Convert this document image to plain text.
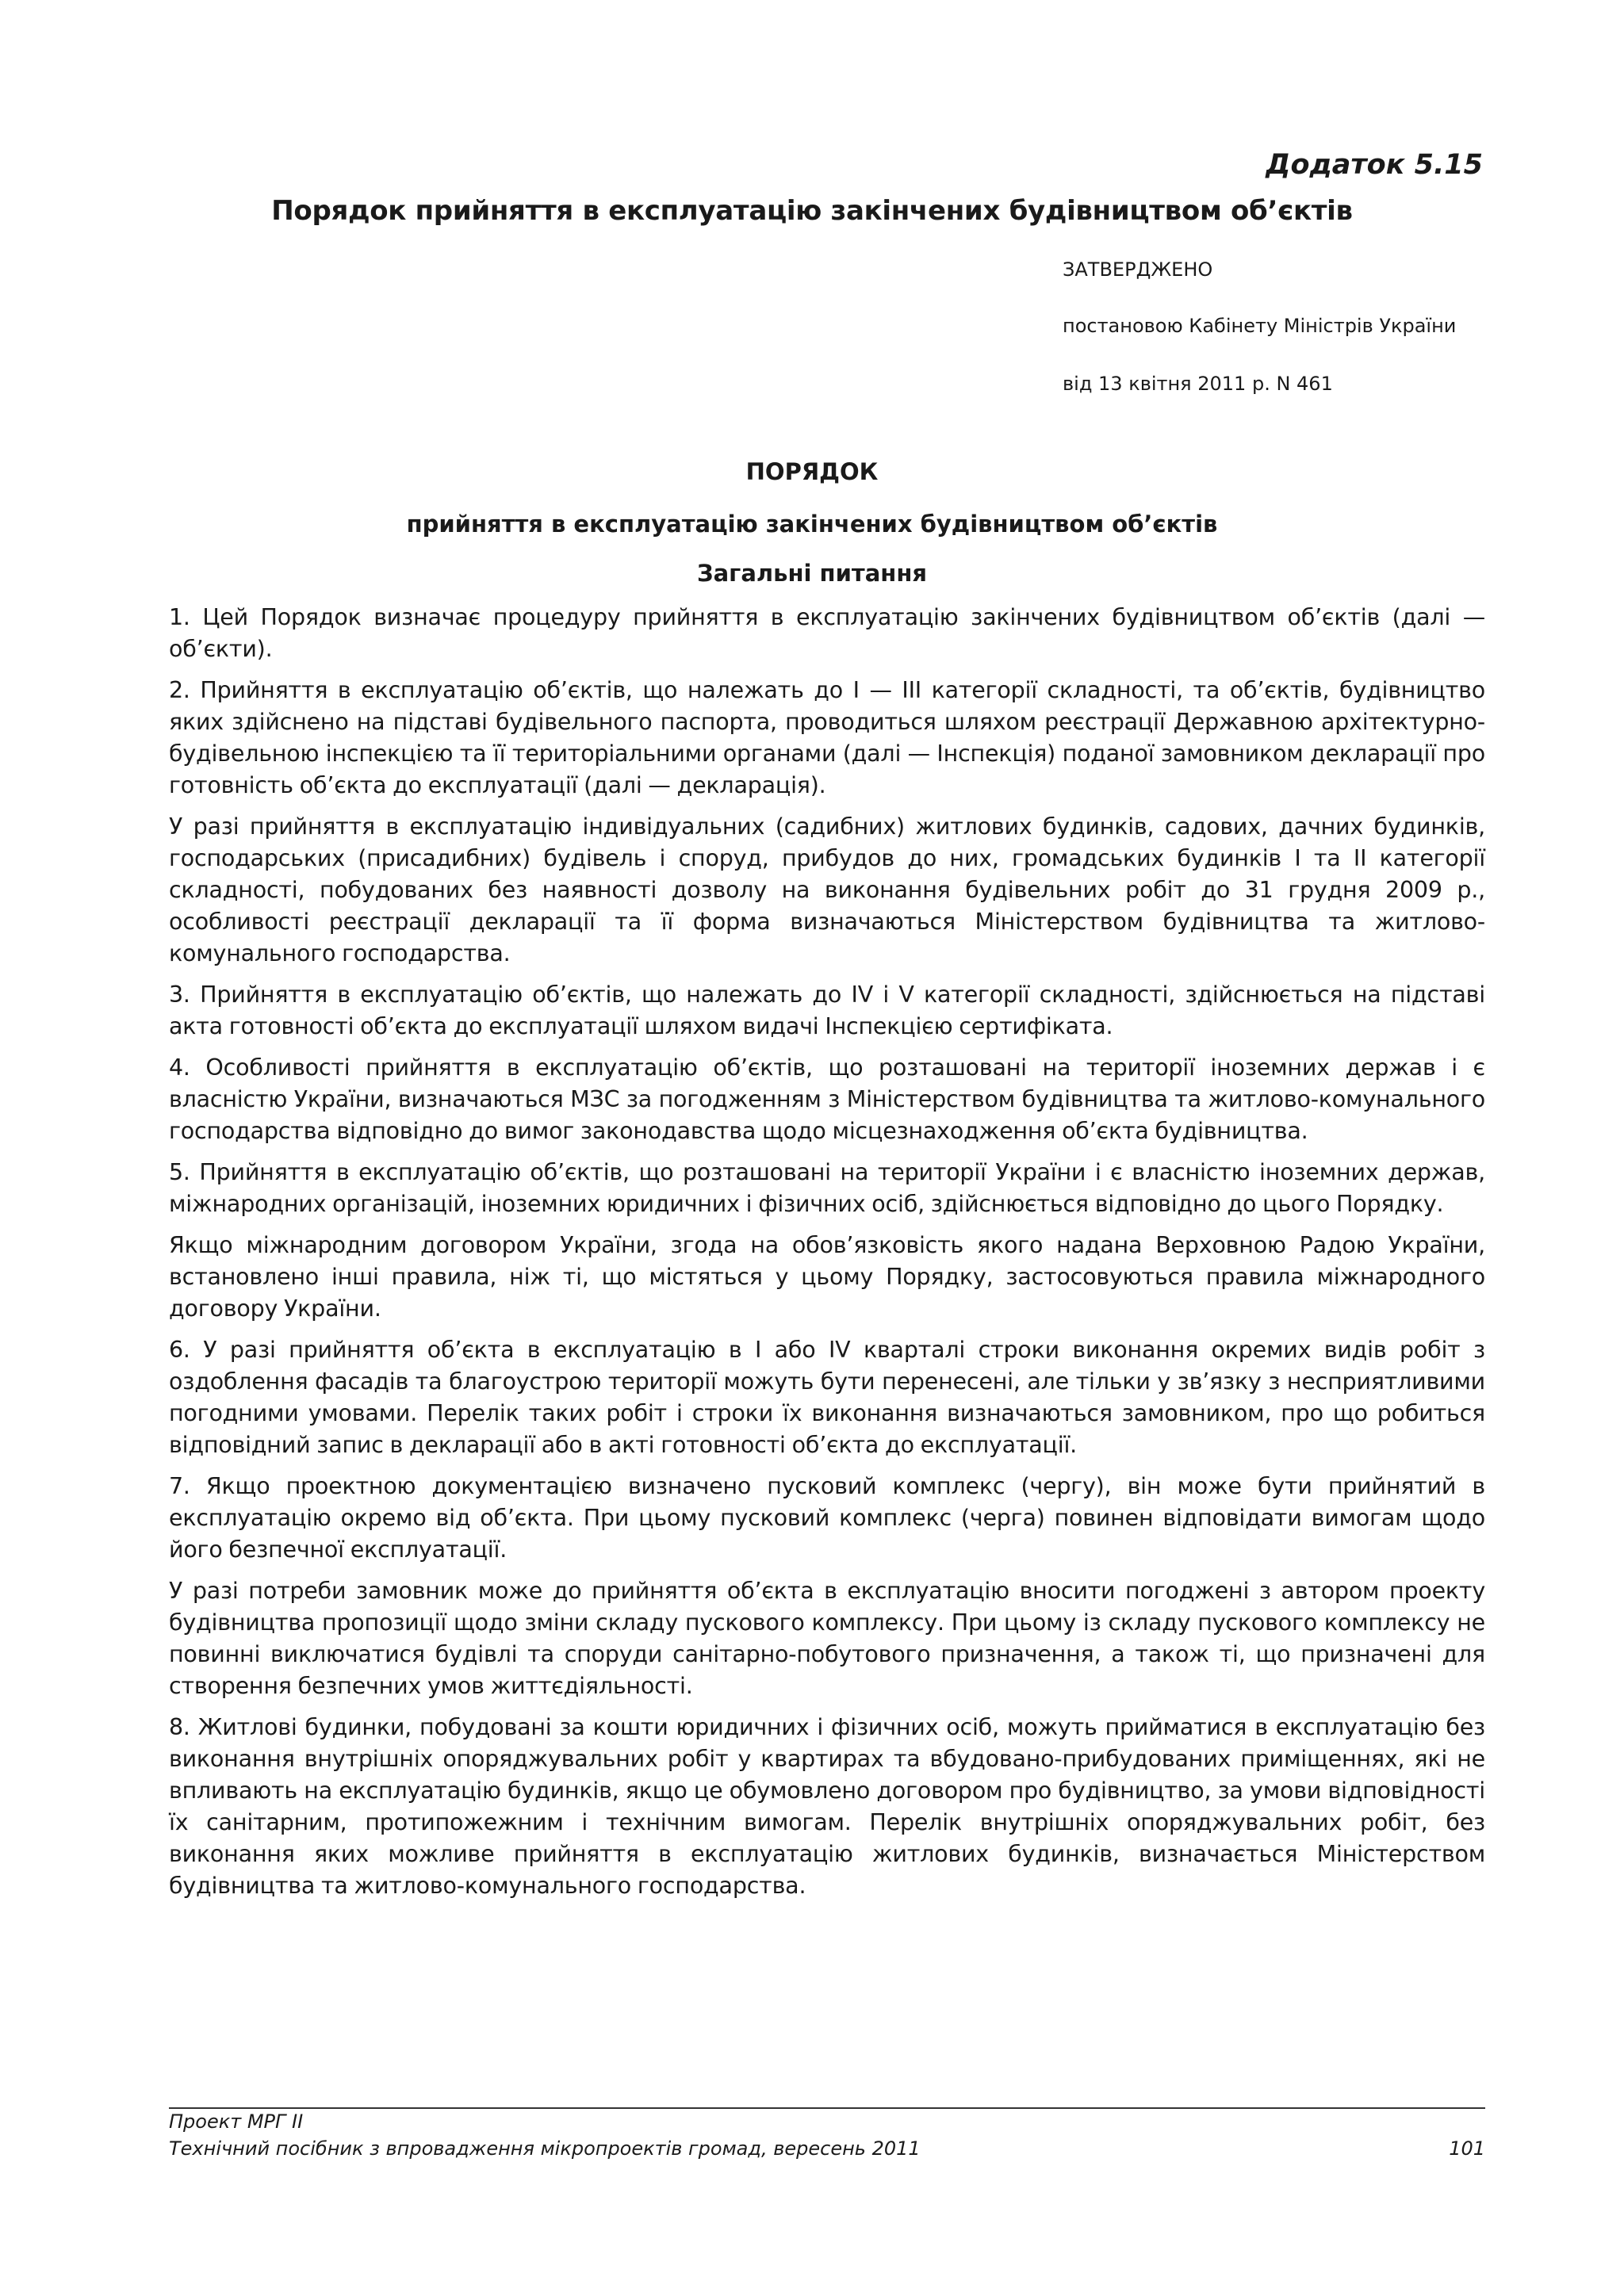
Додаток 5.15
Порядок прийняття в експлуатацію закінчених будівництвом об’єктів
ЗАТВЕРДЖЕНО
постановою Кабінету Міністрів України
від 13 квітня 2011 р. N 461
ПОРЯДОК
прийняття в експлуатацію закінчених будівництвом об’єктів
Загальні питання

1. Цей Порядок визначає процедуру прийняття в експлуатацію закінчених будівництвом об’єктів (далі — об’єкти).

2. Прийняття в експлуатацію об’єктів, що належать до I — III категорії складності, та об’єктів, будівництво яких здійснено на підставі будівельного паспорта, проводиться шляхом реєстрації Державною архітектурно-будівельною інспекцією та її територіальними органами (далі — Інспекція) поданої замовником декларації про готовність об’єкта до експлуатації (далі — декларація).

У разі прийняття в експлуатацію індивідуальних (садибних) житлових будинків, садових, дачних будинків, господарських (присадибних) будівель і споруд, прибудов до них, громадських будинків I та II категорії складності, побудованих без наявності дозволу на виконання будівельних робіт до 31 грудня 2009 р., особливості реєстрації декларації та її форма визначаються Міністерством будівництва та житлово-комунального господарства.

3. Прийняття в експлуатацію об’єктів, що належать до IV і V категорії складності, здійснюється на підставі акта готовності об’єкта до експлуатації шляхом видачі Інспекцією сертифіката.

4. Особливості прийняття в експлуатацію об’єктів, що розташовані на території іноземних держав і є власністю України, визначаються МЗС за погодженням з Міністерством будівництва та житлово-комунального господарства відповідно до вимог законодавства щодо місцезнаходження об’єкта будівництва.

5. Прийняття в експлуатацію об’єктів, що розташовані на території України і є власністю іноземних держав, міжнародних організацій, іноземних юридичних і фізичних осіб, здійснюється відповідно до цього Порядку.

Якщо міжнародним договором України, згода на обов’язковість якого надана Верховною Радою України, встановлено інші правила, ніж ті, що містяться у цьому Порядку, застосовуються правила міжнародного договору України.

6. У разі прийняття об’єкта в експлуатацію в I або IV кварталі строки виконання окремих видів робіт з оздоблення фасадів та благоустрою території можуть бути перенесені, але тільки у зв’язку з несприятливими погодними умовами. Перелік таких робіт і строки їх виконання визначаються замовником, про що робиться відповідний запис в декларації або в акті готовності об’єкта до експлуатації.

7. Якщо проектною документацією визначено пусковий комплекс (чергу), він може бути прийнятий в експлуатацію окремо від об’єкта. При цьому пусковий комплекс (черга) повинен відповідати вимогам щодо його безпечної експлуатації.

У разі потреби замовник може до прийняття об’єкта в експлуатацію вносити погоджені з автором проекту будівництва пропозиції щодо зміни складу пускового комплексу. При цьому із складу пускового комплексу не повинні виключатися будівлі та споруди санітарно-побутового призначення, а також ті, що призначені для створення безпечних умов життєдіяльності.

8. Житлові будинки, побудовані за кошти юридичних і фізичних осіб, можуть прийматися в експлуатацію без виконання внутрішніх опоряджувальних робіт у квартирах та вбудовано-прибудованих приміщеннях, які не впливають на експлуатацію будинків, якщо це обумовлено договором про будівництво, за умови відповідності їх санітарним, протипожежним і технічним вимогам. Перелік внутрішніх опоряджувальних робіт, без виконання яких можливе прийняття в експлуатацію житлових будинків, визначається Міністерством будівництва та житлово-комунального господарства.

Проект МРГ II
Технічний посібник з впровадження мікропроектів громад, вересень 2011	101
